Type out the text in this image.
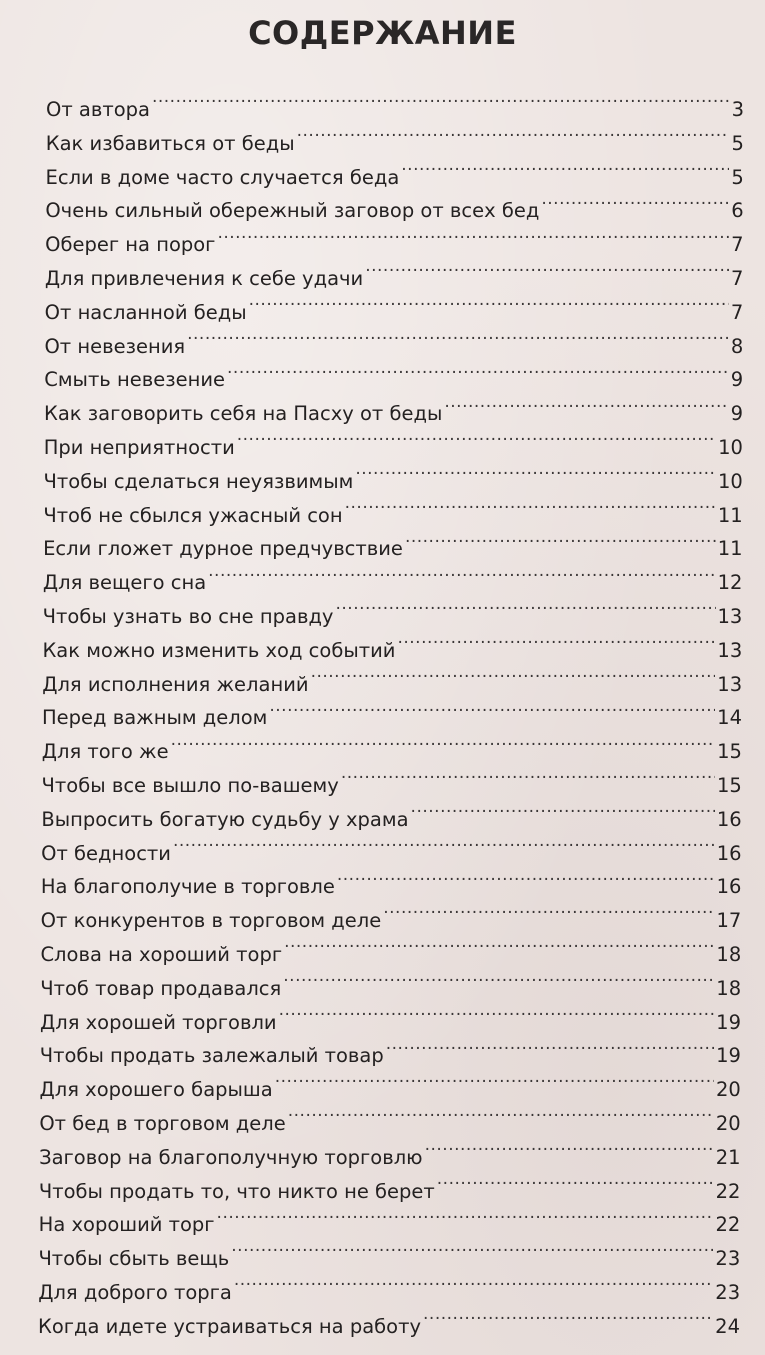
СОДЕРЖАНИЕ
От автора .....	3
Как избавиться от беды .....	5
Если в доме часто случается беда .....	5
Очень сильный обережный заговор от всех бед .....	6
Оберег на порог .....	7
Для привлечения к себе удачи .....	7
От насланной беды .....	7
От невезения .....	8
Смыть невезение .....	9
Как заговорить себя на Пасху от беды .....	9
При неприятности .....	10
Чтобы сделаться неуязвимым .....	10
Чтоб не сбылся ужасный сон .....	11
Если гложет дурное предчувствие .....	11
Для вещего сна .....	12
Чтобы узнать во сне правду .....	13
Как можно изменить ход событий .....	13
Для исполнения желаний .....	13
Перед важным делом .....	14
Для того же .....	15
Чтобы все вышло по-вашему .....	15
Выпросить богатую судьбу у храма .....	16
От бедности .....	16
На благополучие в торговле .....	16
От конкурентов в торговом деле .....	17
Слова на хороший торг .....	18
Чтоб товар продавался .....	18
Для хорошей торговли .....	19
Чтобы продать залежалый товар .....	19
Для хорошего барыша .....	20
От бед в торговом деле .....	20
Заговор на благополучную торговлю .....	21
Чтобы продать то, что никто не берет .....	22
На хороший торг .....	22
Чтобы сбыть вещь .....	23
Для доброго торга .....	23
Когда идете устраиваться на работу .....	24
